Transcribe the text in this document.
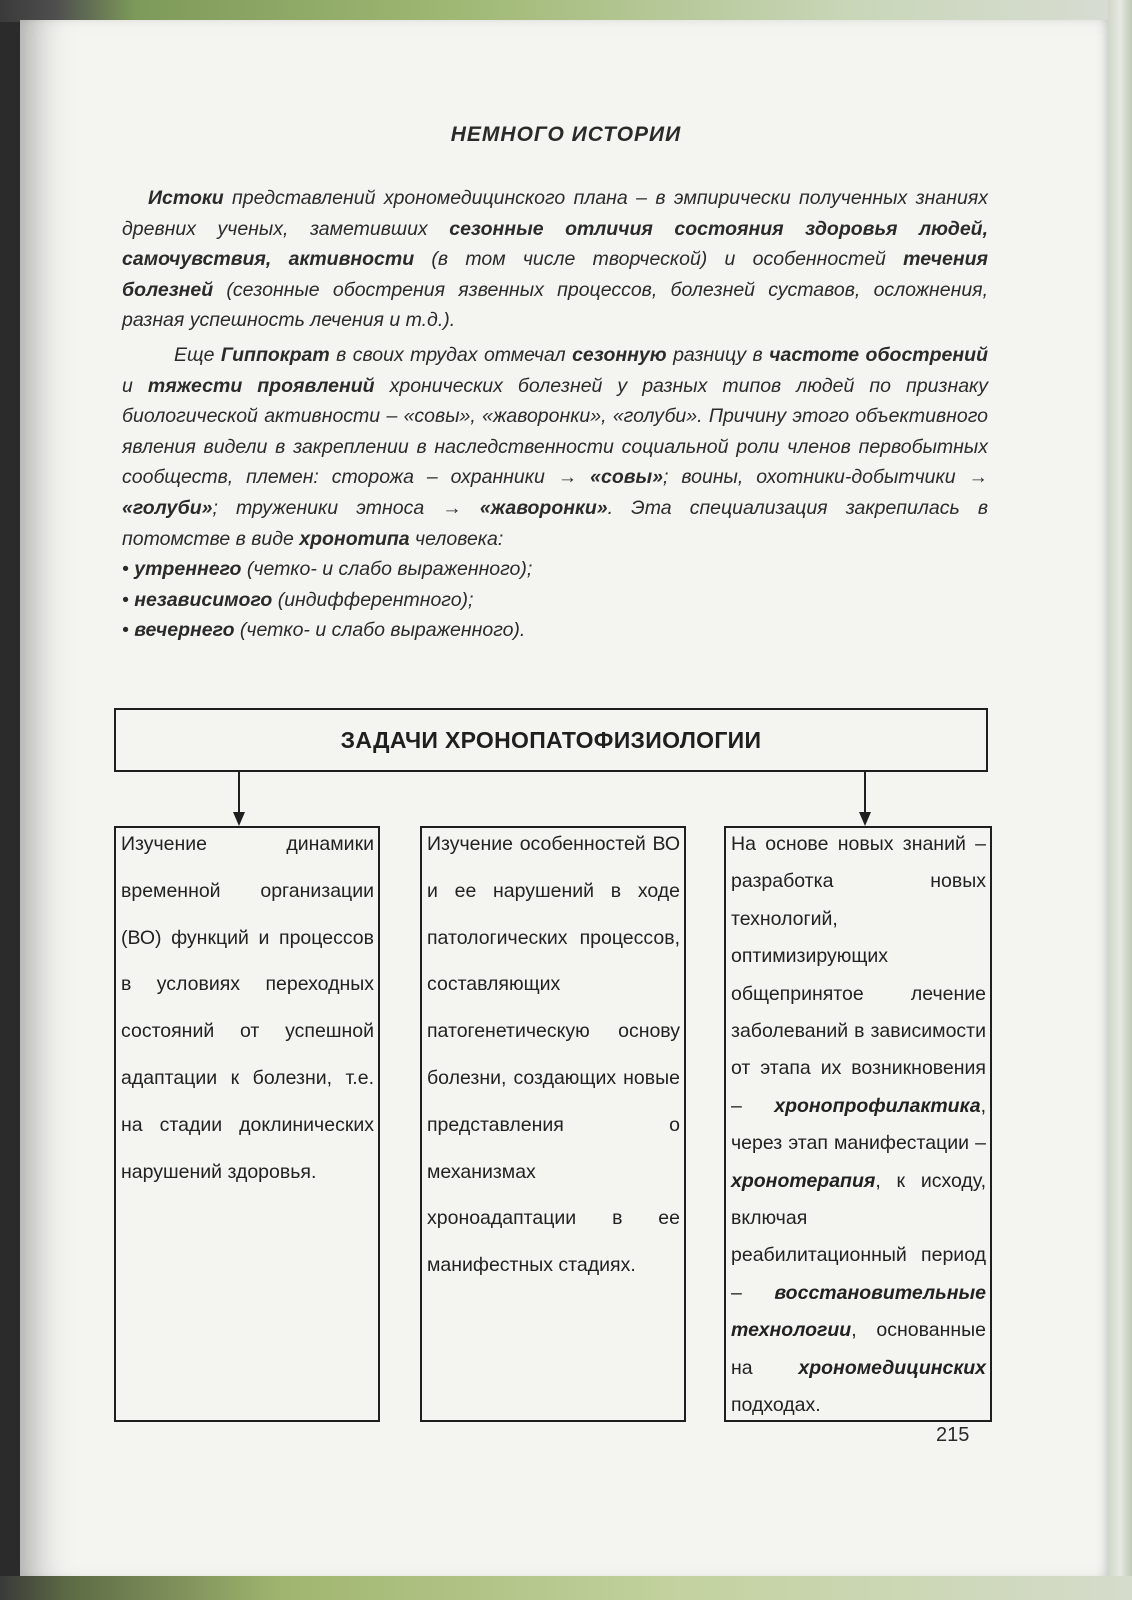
НЕМНОГО ИСТОРИИ

Истоки представлений хрономедицинского плана – в эмпирически полученных знаниях древних ученых, заметивших сезонные отличия состояния здоровья людей, самочувствия, активности (в том числе творческой) и особенностей течения болезней (сезонные обострения язвенных процессов, болезней суставов, осложнения, разная успешность лечения и т.д.).

Еще Гиппократ в своих трудах отмечал сезонную разницу в частоте обострений и тяжести проявлений хронических болезней у разных типов людей по признаку биологической активности – «совы», «жаворонки», «голуби». Причину этого объективного явления видели в закреплении в наследственности социальной роли членов первобытных сообществ, племен: сторожа – охранники → «совы»; воины, охотники-добытчики → «голуби»; труженики этноса → «жаворонки». Эта специализация закрепилась в потомстве в виде хронотипа человека:

• утреннего (четко- и слабо выраженного);
• независимого (индифферентного);
• вечернего (четко- и слабо выраженного).
ЗАДАЧИ ХРОНОПАТОФИЗИОЛОГИИ
Изучение динамики временной организации (ВО) функций и процессов в условиях переходных состояний от успешной адаптации к болезни, т.е. на стадии доклинических нарушений здоровья.
Изучение особенностей ВО и ее нарушений в ходе патологических процессов, составляющих патогенетическую основу болезни, создающих новые представления о механизмах хроноадаптации в ее манифестных стадиях.
На основе новых знаний – разработка новых технологий, оптимизирующих общепринятое лечение заболеваний в зависимости от этапа их возникновения – хронопрофилактика, через этап манифестации – хронотерапия, к исходу, включая реабилитационный период – восстановительные технологии, основанные на хрономедицинских подходах.
215
